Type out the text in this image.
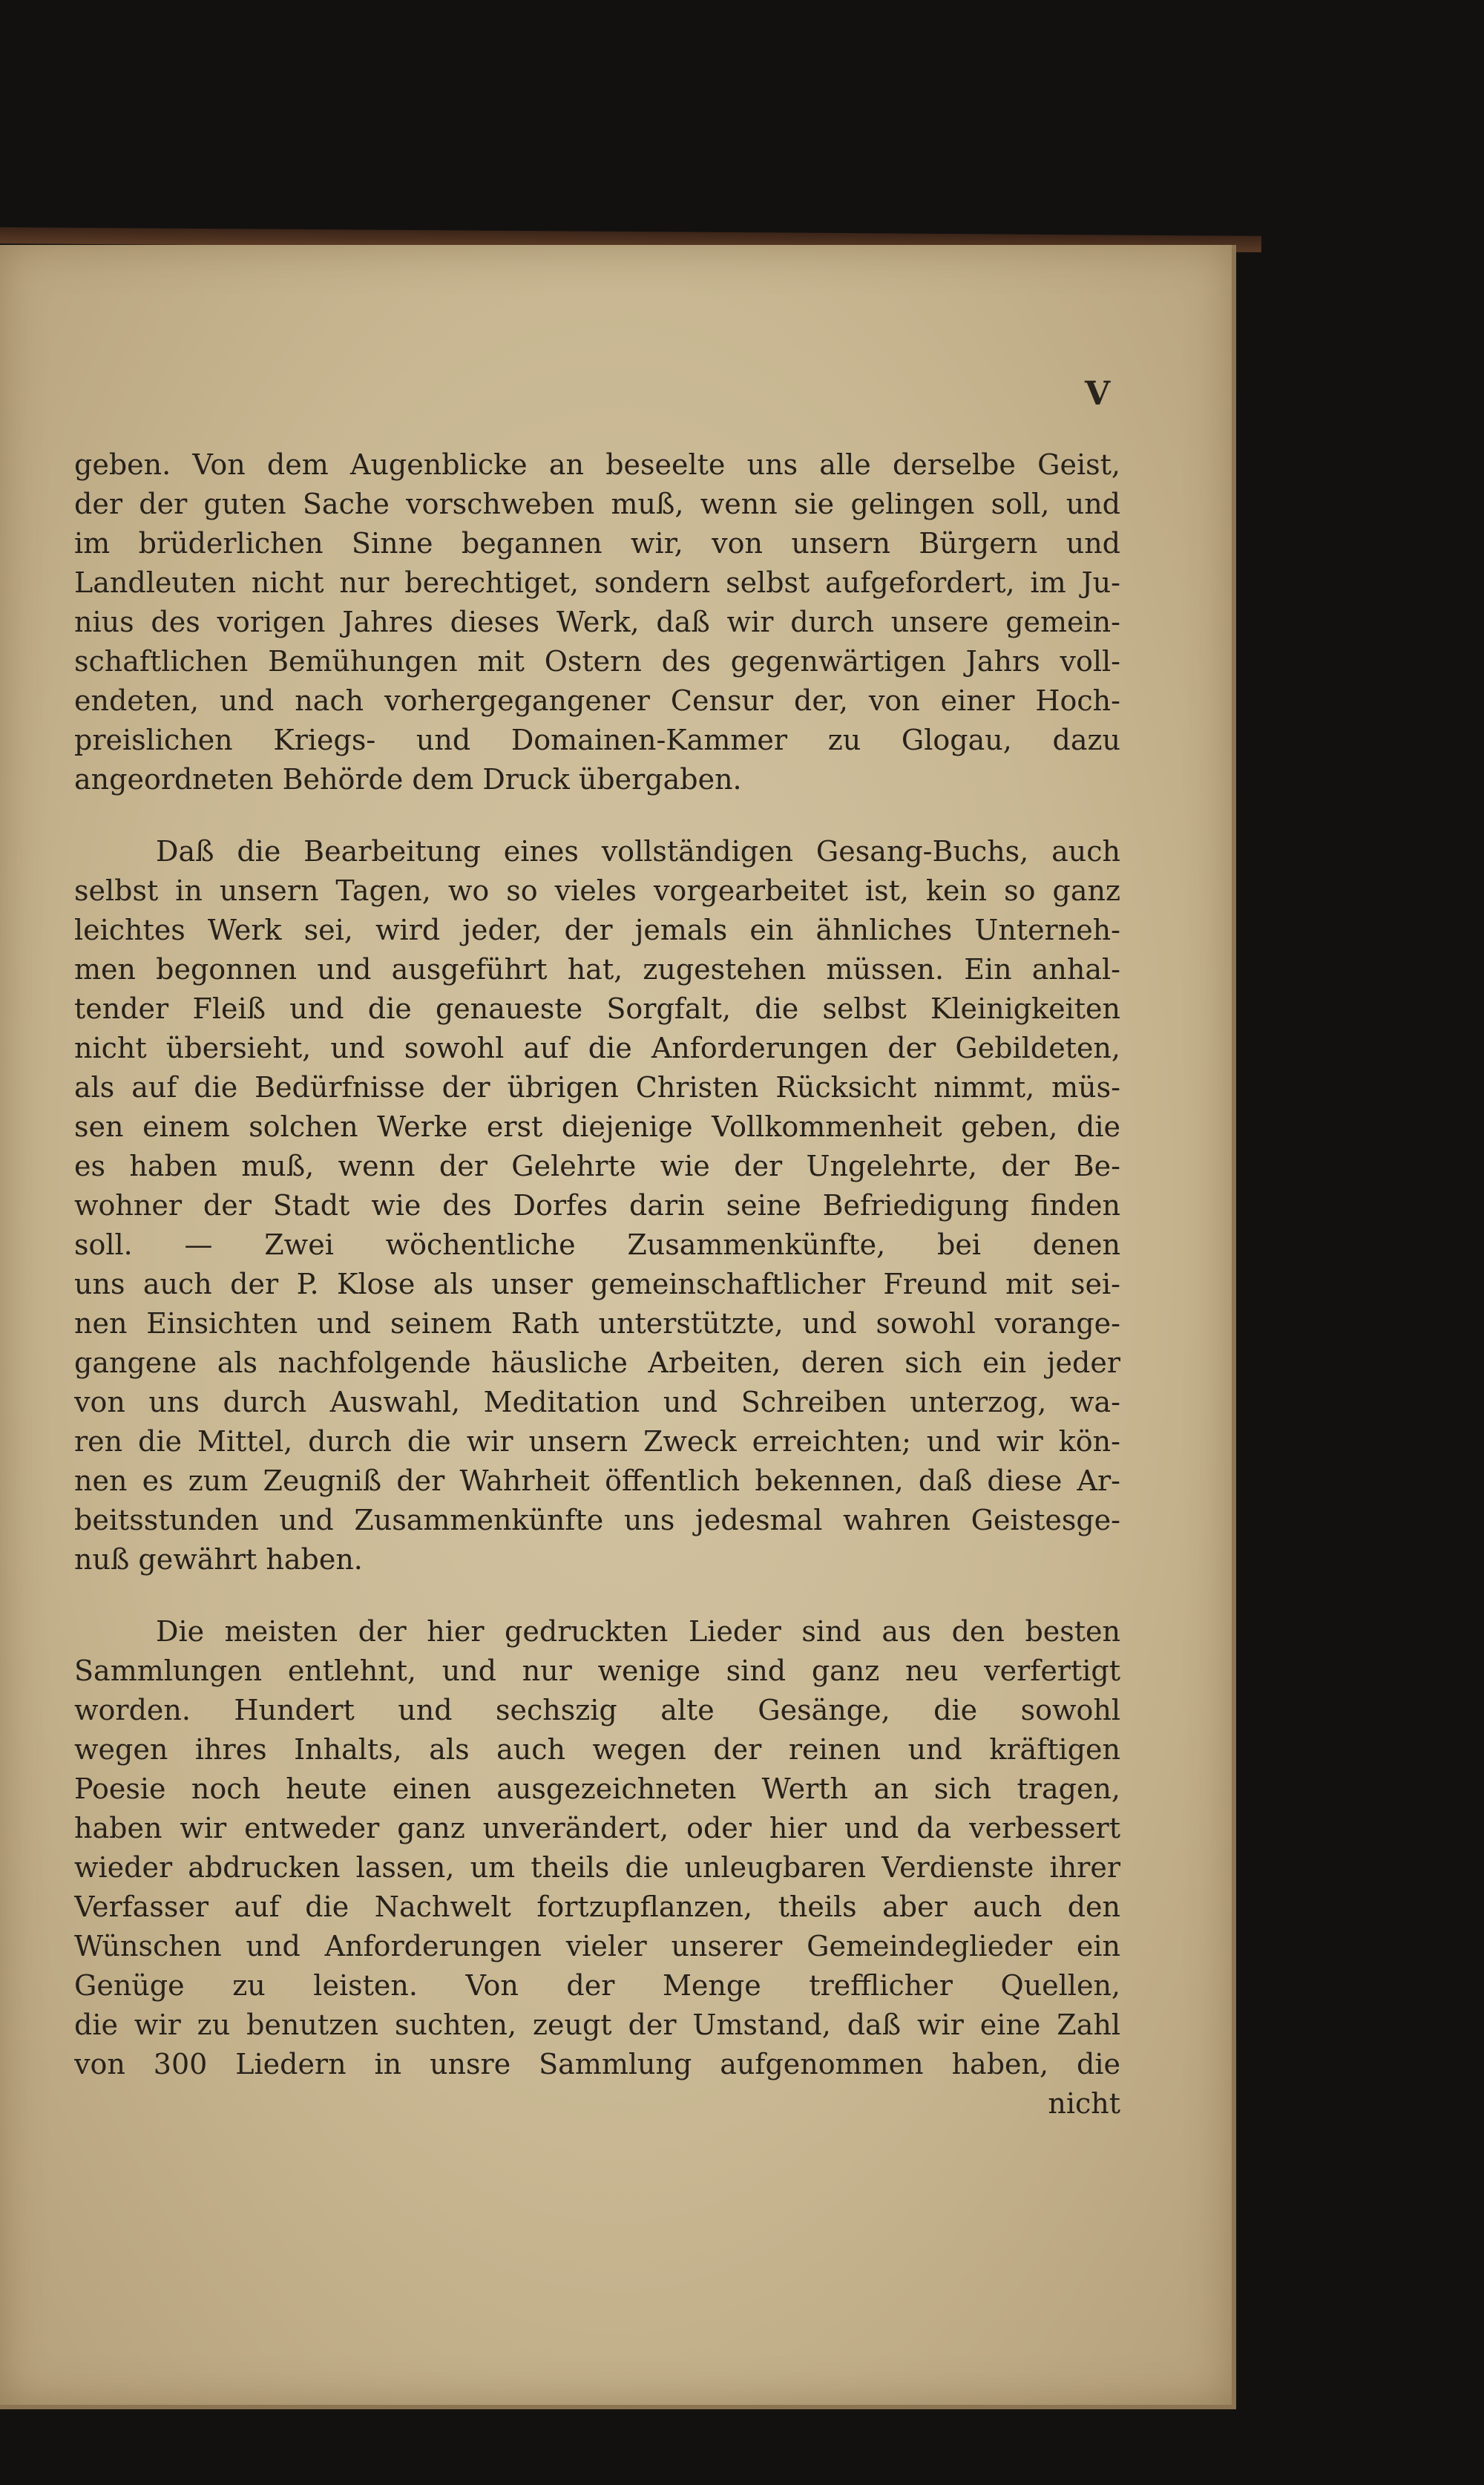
V
geben. Von dem Augenblicke an beseelte uns alle derselbe Geist,
der der guten Sache vorschweben muß, wenn sie gelingen soll, und
im brüderlichen Sinne begannen wir, von unsern Bürgern und
Landleuten nicht nur berechtiget, sondern selbst aufgefordert, im Ju-
nius des vorigen Jahres dieses Werk, daß wir durch unsere gemein-
schaftlichen Bemühungen mit Ostern des gegenwärtigen Jahrs voll-
endeten, und nach vorhergegangener Censur der, von einer Hoch-
preislichen Kriegs- und Domainen-Kammer zu Glogau, dazu
angeordneten Behörde dem Druck übergaben.
Daß die Bearbeitung eines vollständigen Gesang-Buchs, auch
selbst in unsern Tagen, wo so vieles vorgearbeitet ist, kein so ganz
leichtes Werk sei, wird jeder, der jemals ein ähnliches Unterneh-
men begonnen und ausgeführt hat, zugestehen müssen. Ein anhal-
tender Fleiß und die genaueste Sorgfalt, die selbst Kleinigkeiten
nicht übersieht, und sowohl auf die Anforderungen der Gebildeten,
als auf die Bedürfnisse der übrigen Christen Rücksicht nimmt, müs-
sen einem solchen Werke erst diejenige Vollkommenheit geben, die
es haben muß, wenn der Gelehrte wie der Ungelehrte, der Be-
wohner der Stadt wie des Dorfes darin seine Befriedigung finden
soll. — Zwei wöchentliche Zusammenkünfte, bei denen
uns auch der P. Klose als unser gemeinschaftlicher Freund mit sei-
nen Einsichten und seinem Rath unterstützte, und sowohl vorange-
gangene als nachfolgende häusliche Arbeiten, deren sich ein jeder
von uns durch Auswahl, Meditation und Schreiben unterzog, wa-
ren die Mittel, durch die wir unsern Zweck erreichten; und wir kön-
nen es zum Zeugniß der Wahrheit öffentlich bekennen, daß diese Ar-
beitsstunden und Zusammenkünfte uns jedesmal wahren Geistesge-
nuß gewährt haben.
Die meisten der hier gedruckten Lieder sind aus den besten
Sammlungen entlehnt, und nur wenige sind ganz neu verfertigt
worden. Hundert und sechszig alte Gesänge, die sowohl
wegen ihres Inhalts, als auch wegen der reinen und kräftigen
Poesie noch heute einen ausgezeichneten Werth an sich tragen,
haben wir entweder ganz unverändert, oder hier und da verbessert
wieder abdrucken lassen, um theils die unleugbaren Verdienste ihrer
Verfasser auf die Nachwelt fortzupflanzen, theils aber auch den
Wünschen und Anforderungen vieler unserer Gemeindeglieder ein
Genüge zu leisten. Von der Menge trefflicher Quellen,
die wir zu benutzen suchten, zeugt der Umstand, daß wir eine Zahl
von 300 Liedern in unsre Sammlung aufgenommen haben, die
nicht
